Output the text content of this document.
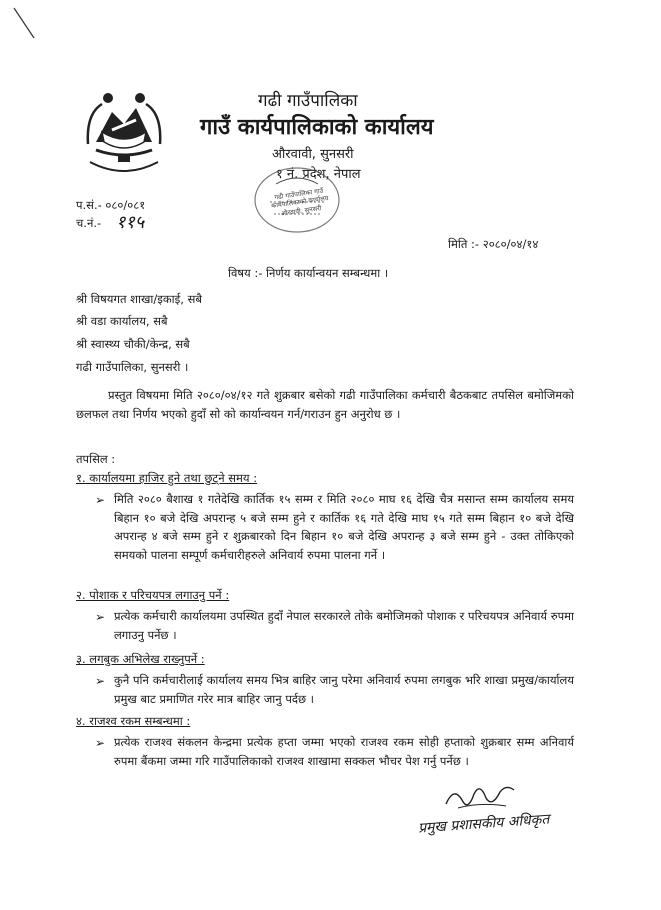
गढी गाउँपालिका
गाउँ कार्यपालिकाको कार्यालय
औरवावी, सुनसरी
१ नं. प्रदेश, नेपाल
गढी गाउँपालिका गाउँ कार्यपालिकाको कार्यालय औरवावी, सुनसरी
प.सं.- ०८०/०८१
च.नं.- ११५
मिति :- २०८०/०४/१४
विषय :- निर्णय कार्यान्वयन सम्बन्धमा ।
श्री विषयगत शाखा/इकाई, सबै
श्री वडा कार्यालय, सबै
श्री स्वास्थ्य चौकी/केन्द्र, सबै
गढी गाउँपालिका, सुनसरी ।
प्रस्तुत विषयमा मिति २०८०/०४/१२ गते शुक्रबार बसेको गढी गाउँपालिका कर्मचारी बैठकबाट तपसिल बमोजिमको छलफल तथा निर्णय भएको हुदाँ सो को कार्यान्वयन गर्न/गराउन हुन अनुरोध छ ।
तपसिल :
१. कार्यालयमा हाजिर हुने तथा छुट्ने समय :
➢ मिति २०८० बैशाख १ गतेदेखि कार्तिक १५ सम्म र मिति २०८० माघ १६ देखि चैत्र मसान्त सम्म कार्यालय समय बिहान १० बजे देखि अपरान्ह ५ बजे सम्म हुने र कार्तिक १६ गते देखि माघ १५ गते सम्म बिहान १० बजे देखि अपरान्ह ४ बजे सम्म हुने र शुक्रबारको दिन बिहान १० बजे देखि अपरान्ह ३ बजे सम्म हुने - उक्त तोकिएको समयको पालना सम्पूर्ण कर्मचारीहरुले अनिवार्य रुपमा पालना गर्ने ।
२. पोशाक र परिचयपत्र लगाउनु पर्ने :
➢ प्रत्येक कर्मचारी कार्यालयमा उपस्थित हुदाँ नेपाल सरकारले तोके बमोजिमको पोशाक र परिचयपत्र अनिवार्य रुपमा लगाउनु पर्नेछ ।
३. लगबुक अभिलेख राख्नुपर्ने :
➢ कुनै पनि कर्मचारीलाई कार्यालय समय भित्र बाहिर जानु परेमा अनिवार्य रुपमा लगबुक भरि शाखा प्रमुख/कार्यालय प्रमुख बाट प्रमाणित गरेर मात्र बाहिर जानु पर्दछ ।
४. राजश्व रकम सम्बन्धमा :
➢ प्रत्येक राजश्व संकलन केन्द्रमा प्रत्येक हप्ता जम्मा भएको राजश्व रकम सोही हप्ताको शुक्रबार सम्म अनिवार्य रुपमा बैंकमा जम्मा गरि गाउँपालिकाको राजश्व शाखामा सक्कल भौचर पेश गर्नु पर्नेछ ।
प्रमुख प्रशासकीय अधिकृत
